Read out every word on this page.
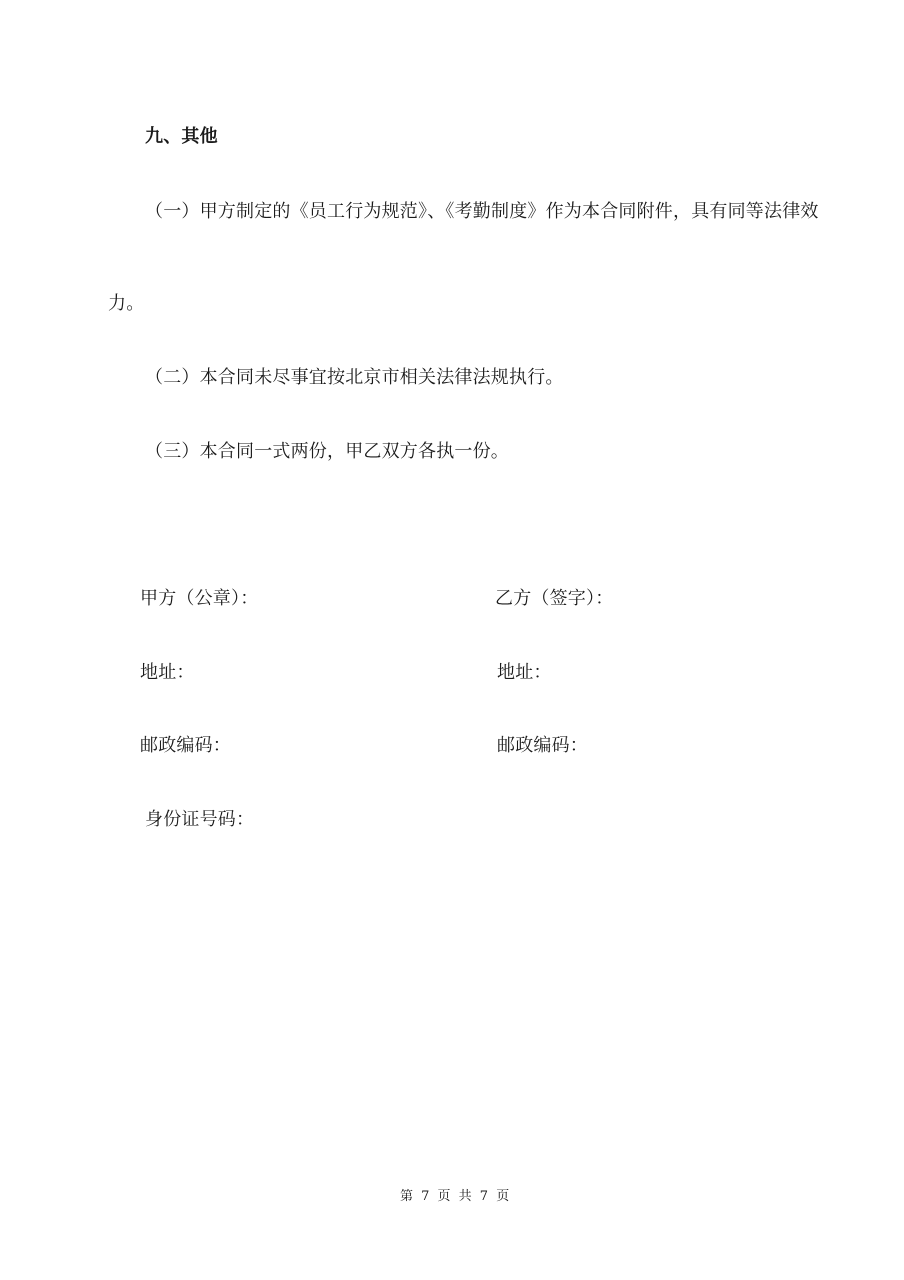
九、其他
（一）甲方制定的《员工行为规范》、《考勤制度》作为本合同附件，具有同等法律效
力。
（二）本合同未尽事宜按北京市相关法律法规执行。
（三）本合同一式两份，甲乙双方各执一份。
甲方（公章）：	乙方（签字）：
地址：	地址：
邮政编码：	邮政编码：
身份证号码：
第 7 页 共 7 页
